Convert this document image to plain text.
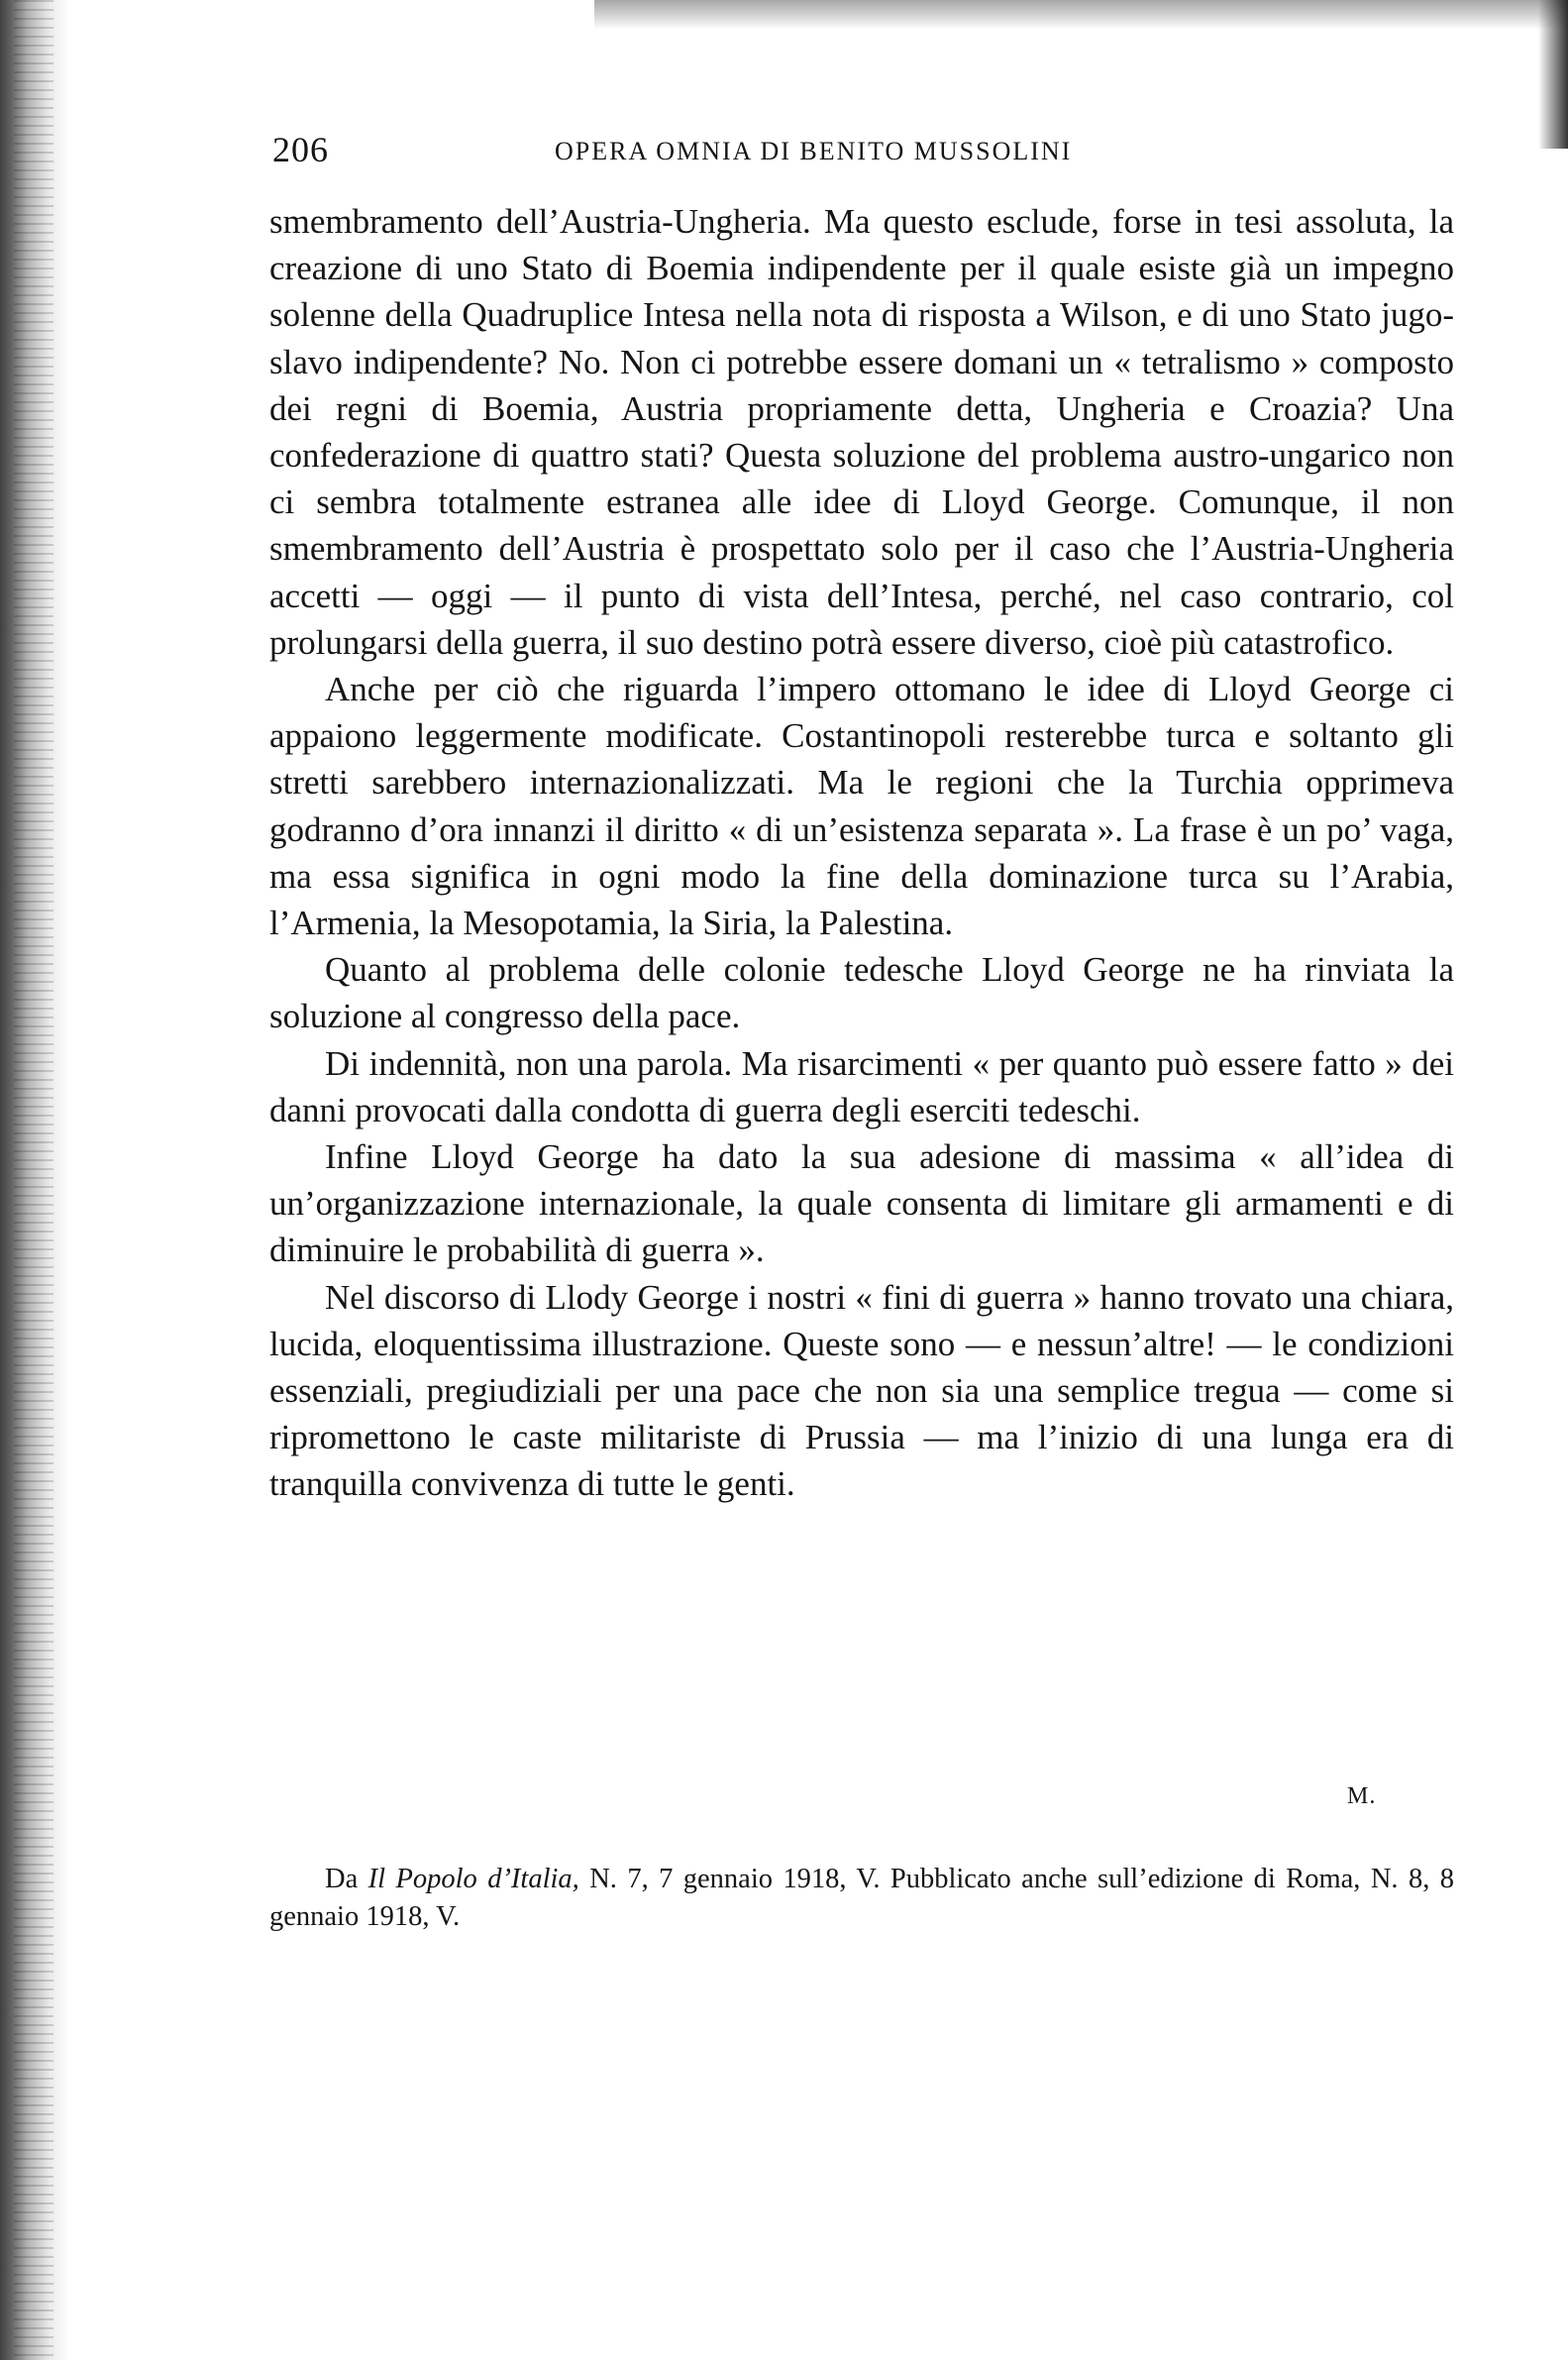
206	OPERA OMNIA DI BENITO MUSSOLINI

smembramento dell’Austria-Ungheria. Ma questo esclude, forse in tesi assoluta, la creazione di uno Stato di Boemia indipendente per il quale esiste già un impegno solenne della Quadruplice Intesa nella nota di risposta a Wilson, e di uno Stato jugo-slavo indipendente? No. Non ci potrebbe essere domani un « tetralismo » composto dei regni di Boemia, Austria propriamente detta, Ungheria e Croazia? Una confederazione di quattro stati? Questa soluzione del problema austro-ungarico non ci sembra totalmente estranea alle idee di Lloyd George. Comunque, il non smembramento dell’Austria è prospettato solo per il caso che l’Austria-Ungheria accetti — oggi — il punto di vista dell’Intesa, perché, nel caso contrario, col prolungarsi della guerra, il suo destino potrà essere diverso, cioè più catastrofico.

Anche per ciò che riguarda l’impero ottomano le idee di Lloyd George ci appaiono leggermente modificate. Costantinopoli resterebbe turca e soltanto gli stretti sarebbero internazionalizzati. Ma le regioni che la Turchia opprimeva godranno d’ora innanzi il diritto « di un’esistenza separata ». La frase è un po’ vaga, ma essa significa in ogni modo la fine della dominazione turca su l’Arabia, l’Armenia, la Mesopotamia, la Siria, la Palestina.

Quanto al problema delle colonie tedesche Lloyd George ne ha rinviata la soluzione al congresso della pace.

Di indennità, non una parola. Ma risarcimenti « per quanto può essere fatto » dei danni provocati dalla condotta di guerra degli eserciti tedeschi.

Infine Lloyd George ha dato la sua adesione di massima « all’idea di un’organizzazione internazionale, la quale consenta di limitare gli armamenti e di diminuire le probabilità di guerra ».

Nel discorso di Llody George i nostri « fini di guerra » hanno trovato una chiara, lucida, eloquentissima illustrazione. Queste sono — e nessun’altre! — le condizioni essenziali, pregiudiziali per una pace che non sia una semplice tregua — come si ripromettono le caste militariste di Prussia — ma l’inizio di una lunga era di tranquilla convivenza di tutte le genti.

M.

Da Il Popolo d’Italia, N. 7, 7 gennaio 1918, V. Pubblicato anche sull’edizione di Roma, N. 8, 8 gennaio 1918, V.
